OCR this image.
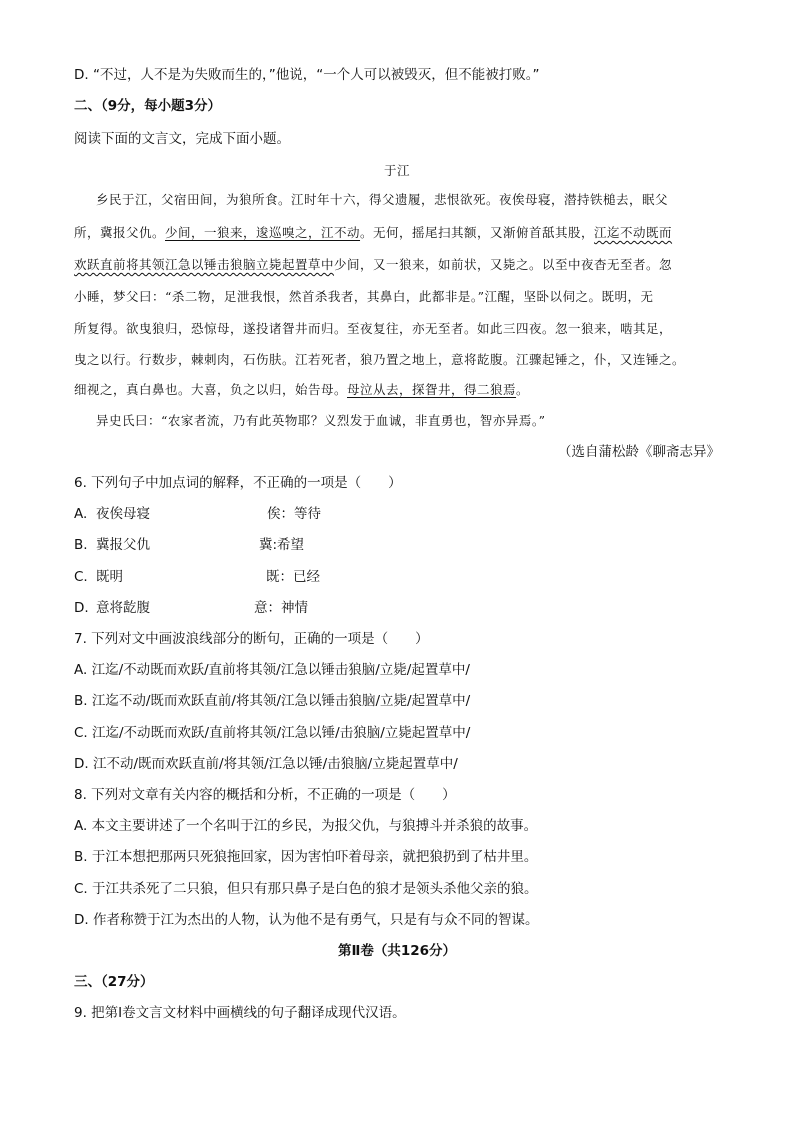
D. “不过，人不是为失败而生的，”他说，“一个人可以被毁灭，但不能被打败。”
二、（9分，每小题3分）
阅读下面的文言文，完成下面小题。
于江
乡民于江，父宿田间，为狼所食。江时年十六，得父遗履，悲恨欲死。夜俟母寝，潜持铁槌去，眠父
所，冀报父仇。少间，一狼来，逡巡嗅之，江不动。无何，摇尾扫其额，又渐俯首舐其股，江迄不动既而
欢跃直前将其领江急以锤击狼脑立毙起置草中少间，又一狼来，如前状，又毙之。以至中夜杳无至者。忽
小睡，梦父曰：“杀二物，足泄我恨，然首杀我者，其鼻白，此都非是。”江醒，坚卧以伺之。既明，无
所复得。欲曳狼归，恐惊母，遂投诸眢井而归。至夜复往，亦无至者。如此三四夜。忽一狼来，啮其足，
曳之以行。行数步，棘刺肉，石伤肤。江若死者，狼乃置之地上，意将龁腹。江骤起锤之，仆，又连锤之。
细视之，真白鼻也。大喜，负之以归，始告母。母泣从去，探眢井，得二狼焉。
异史氏曰：“农家者流，乃有此英物耶？义烈发于血诚，非直勇也，智亦异焉。”
（选自蒲松龄《聊斋志异》
6. 下列句子中加点词的解释，不正确的一项是（　　）
A. 夜俟母寝	俟：等待
B. 冀报父仇	冀:希望
C. 既明	既：已经
D. 意将龁腹	意：神情
7. 下列对文中画波浪线部分的断句，正确的一项是（　　）
A. 江迄/不动既而欢跃/直前将其领/江急以锤击狼脑/立毙/起置草中/
B. 江迄不动/既而欢跃直前/将其领/江急以锤击狼脑/立毙/起置草中/
C. 江迄/不动既而欢跃/直前将其领/江急以锤/击狼脑/立毙起置草中/
D. 江不动/既而欢跃直前/将其领/江急以锤/击狼脑/立毙起置草中/
8. 下列对文章有关内容的概括和分析，不正确的一项是（　　）
A. 本文主要讲述了一个名叫于江的乡民，为报父仇，与狼搏斗并杀狼的故事。
B. 于江本想把那两只死狼拖回家，因为害怕吓着母亲，就把狼扔到了枯井里。
C. 于江共杀死了二只狼，但只有那只鼻子是白色的狼才是领头杀他父亲的狼。
D. 作者称赞于江为杰出的人物，认为他不是有勇气，只是有与众不同的智谋。
第Ⅱ卷（共126分）
三、（27分）
9. 把第Ⅰ卷文言文材料中画横线的句子翻译成现代汉语。
